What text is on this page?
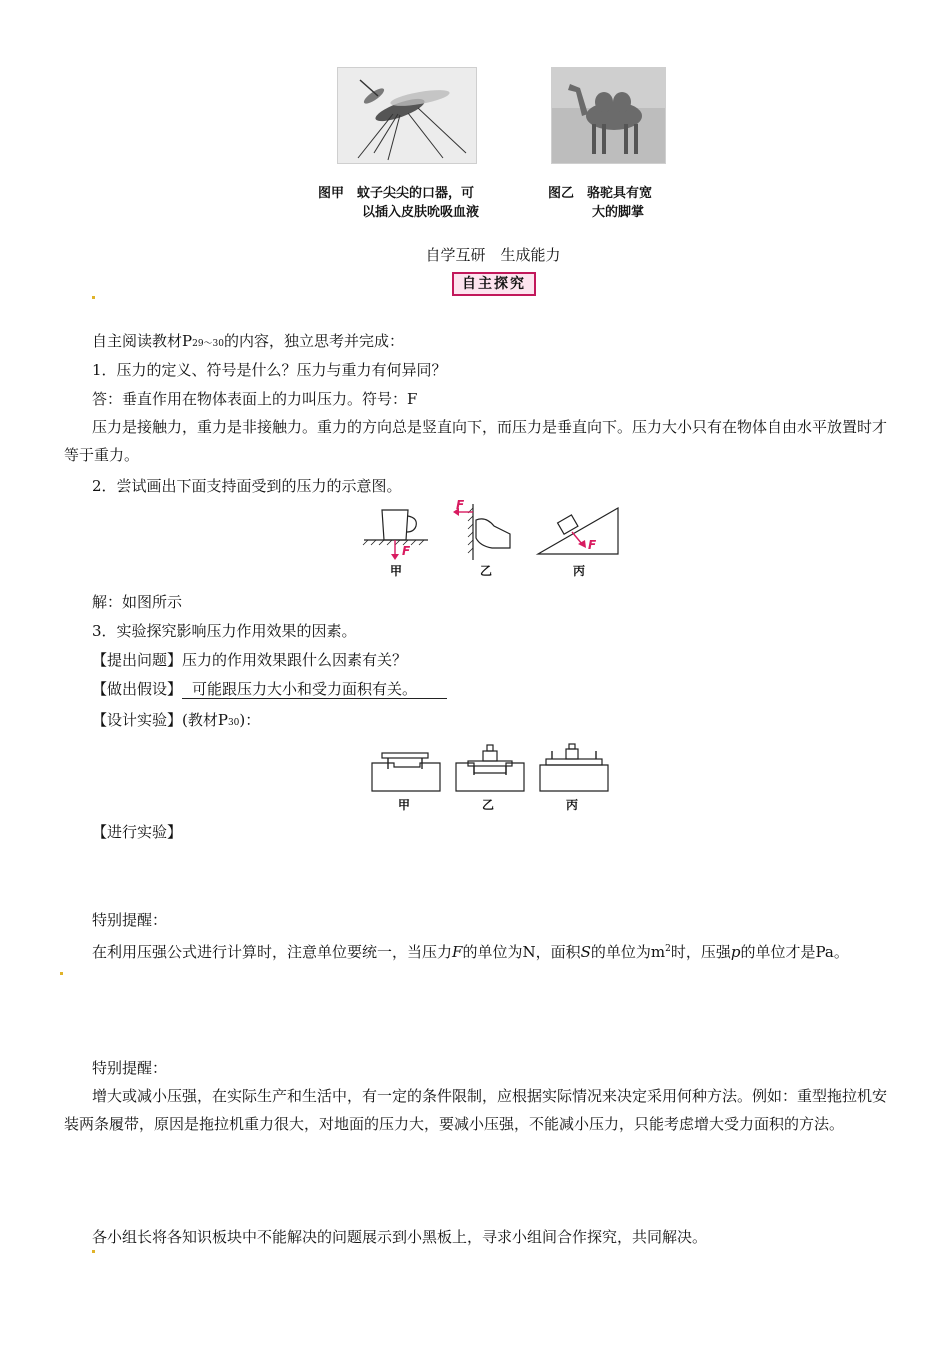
图甲　蚊子尖尖的口器，可
以插入皮肤吮吸血液
图乙　骆驼具有宽
大的脚掌
自学互研　生成能力
自主探究
自主阅读教材P29～30的内容，独立思考并完成：
1．压力的定义、符号是什么？压力与重力有何异同？
答：垂直作用在物体表面上的力叫压力。符号：F
压力是接触力，重力是非接触力。重力的方向总是竖直向下，而压力是垂直向下。压力大小只有在物体自由水平放置时才等于重力。
2．尝试画出下面支持面受到的压力的示意图。
F
F
F
甲	乙	丙
解：如图所示
3．实验探究影响压力作用效果的因素。
【提出问题】压力的作用效果跟什么因素有关？
【做出假设】 可能跟压力大小和受力面积有关。
【设计实验】(教材P30)：
甲	乙	丙
【进行实验】
特别提醒：
在利用压强公式进行计算时，注意单位要统一，当压力F的单位为N，面积S的单位为$m^2$时，压强p的单位才是Pa。
特别提醒：
增大或减小压强，在实际生产和生活中，有一定的条件限制，应根据实际情况来决定采用何种方法。例如：重型拖拉机安装两条履带，原因是拖拉机重力很大，对地面的压力大，要减小压强，不能减小压力，只能考虑增大受力面积的方法。
各小组长将各知识板块中不能解决的问题展示到小黑板上，寻求小组间合作探究，共同解决。
